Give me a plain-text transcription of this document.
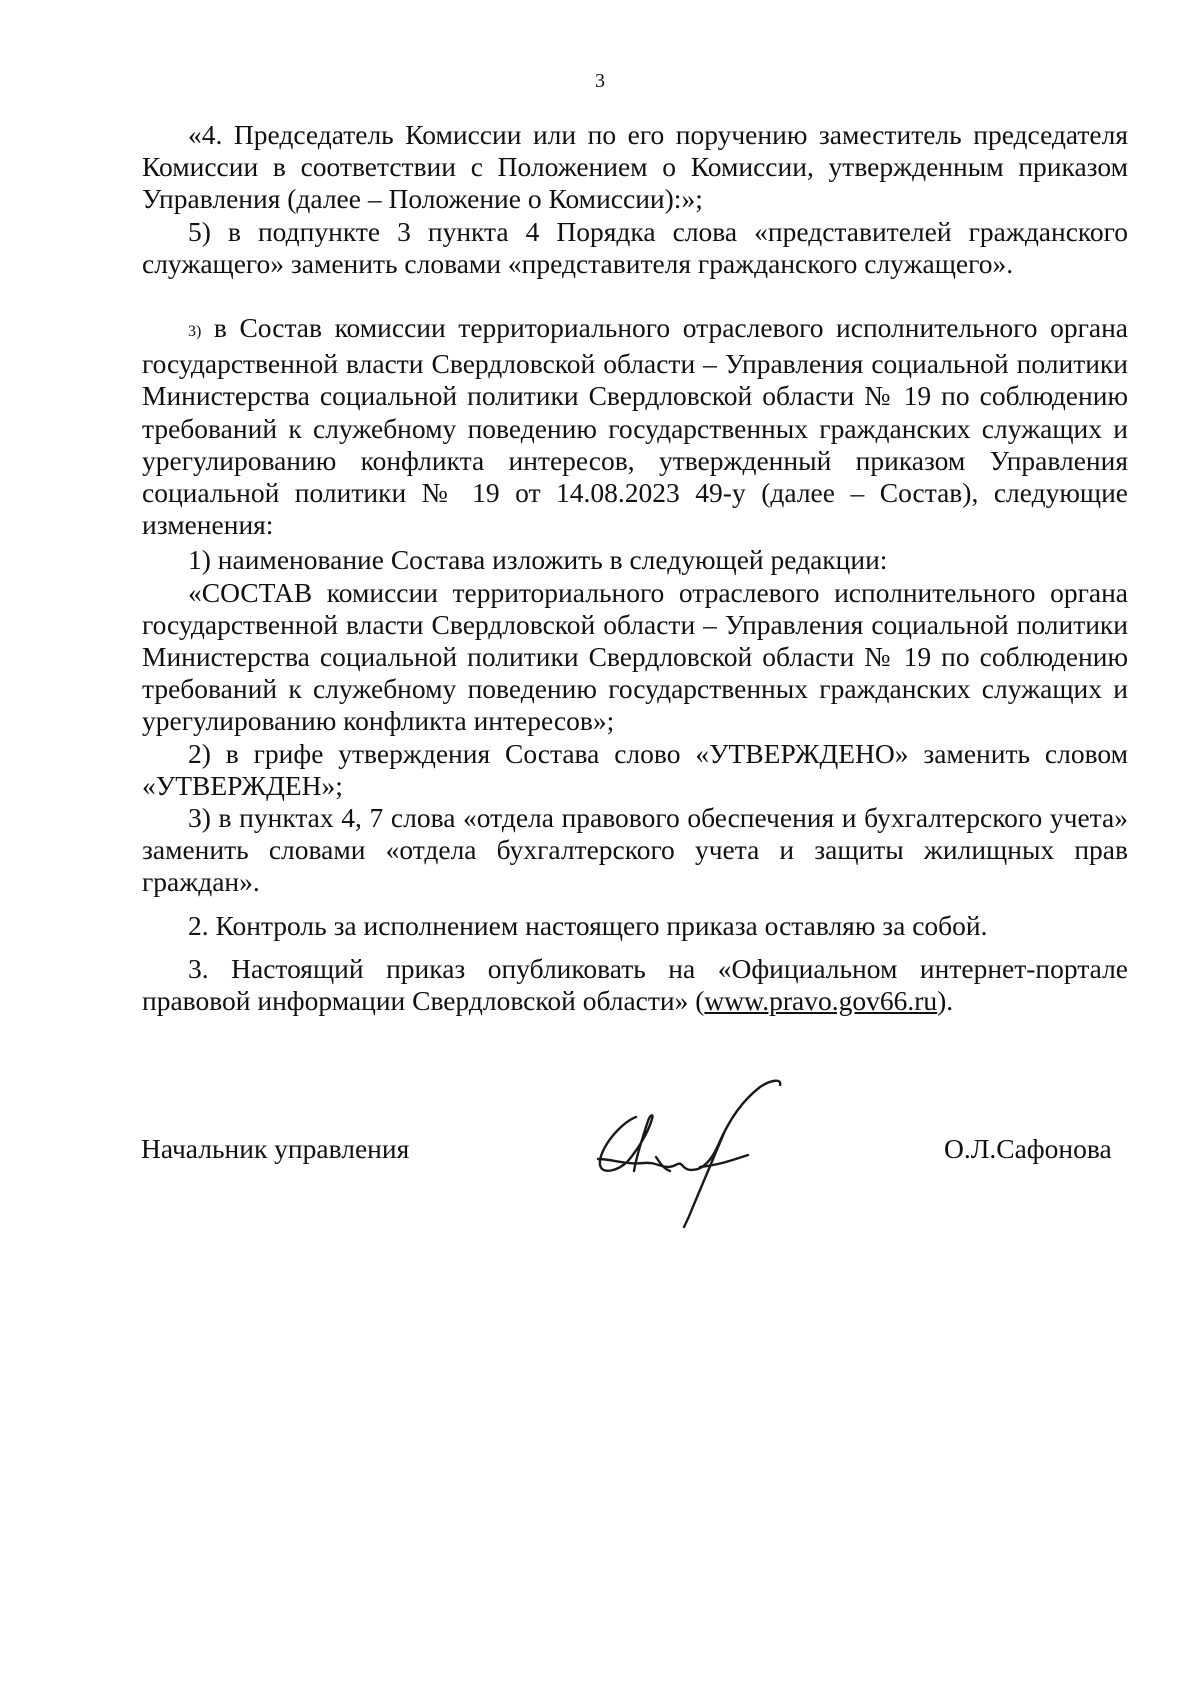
3

«4. Председатель Комиссии или по его поручению заместитель председателя Комиссии в соответствии с Положением о Комиссии, утвержденным приказом Управления (далее – Положение о Комиссии):»;

5) в подпункте 3 пункта 4 Порядка слова «представителей гражданского служащего» заменить словами «представителя гражданского служащего».

3) в Состав комиссии территориального отраслевого исполнительного органа государственной власти Свердловской области – Управления социальной политики Министерства социальной политики Свердловской области № 19 по соблюдению требований к служебному поведению государственных гражданских служащих и урегулированию конфликта интересов, утвержденный приказом Управления социальной политики № 19 от 14.08.2023 49-у (далее – Состав), следующие изменения:

1) наименование Состава изложить в следующей редакции:

«СОСТАВ комиссии территориального отраслевого исполнительного органа государственной власти Свердловской области – Управления социальной политики Министерства социальной политики Свердловской области № 19 по соблюдению требований к служебному поведению государственных гражданских служащих и урегулированию конфликта интересов»;

2) в грифе утверждения Состава слово «УТВЕРЖДЕНО» заменить словом «УТВЕРЖДЕН»;

3) в пунктах 4, 7 слова «отдела правового обеспечения и бухгалтерского учета» заменить словами «отдела бухгалтерского учета и защиты жилищных прав граждан».

2. Контроль за исполнением настоящего приказа оставляю за собой.

3. Настоящий приказ опубликовать на «Официальном интернет-портале правовой информации Свердловской области» (www.pravo.gov66.ru).

Начальник управления	О.Л.Сафонова
